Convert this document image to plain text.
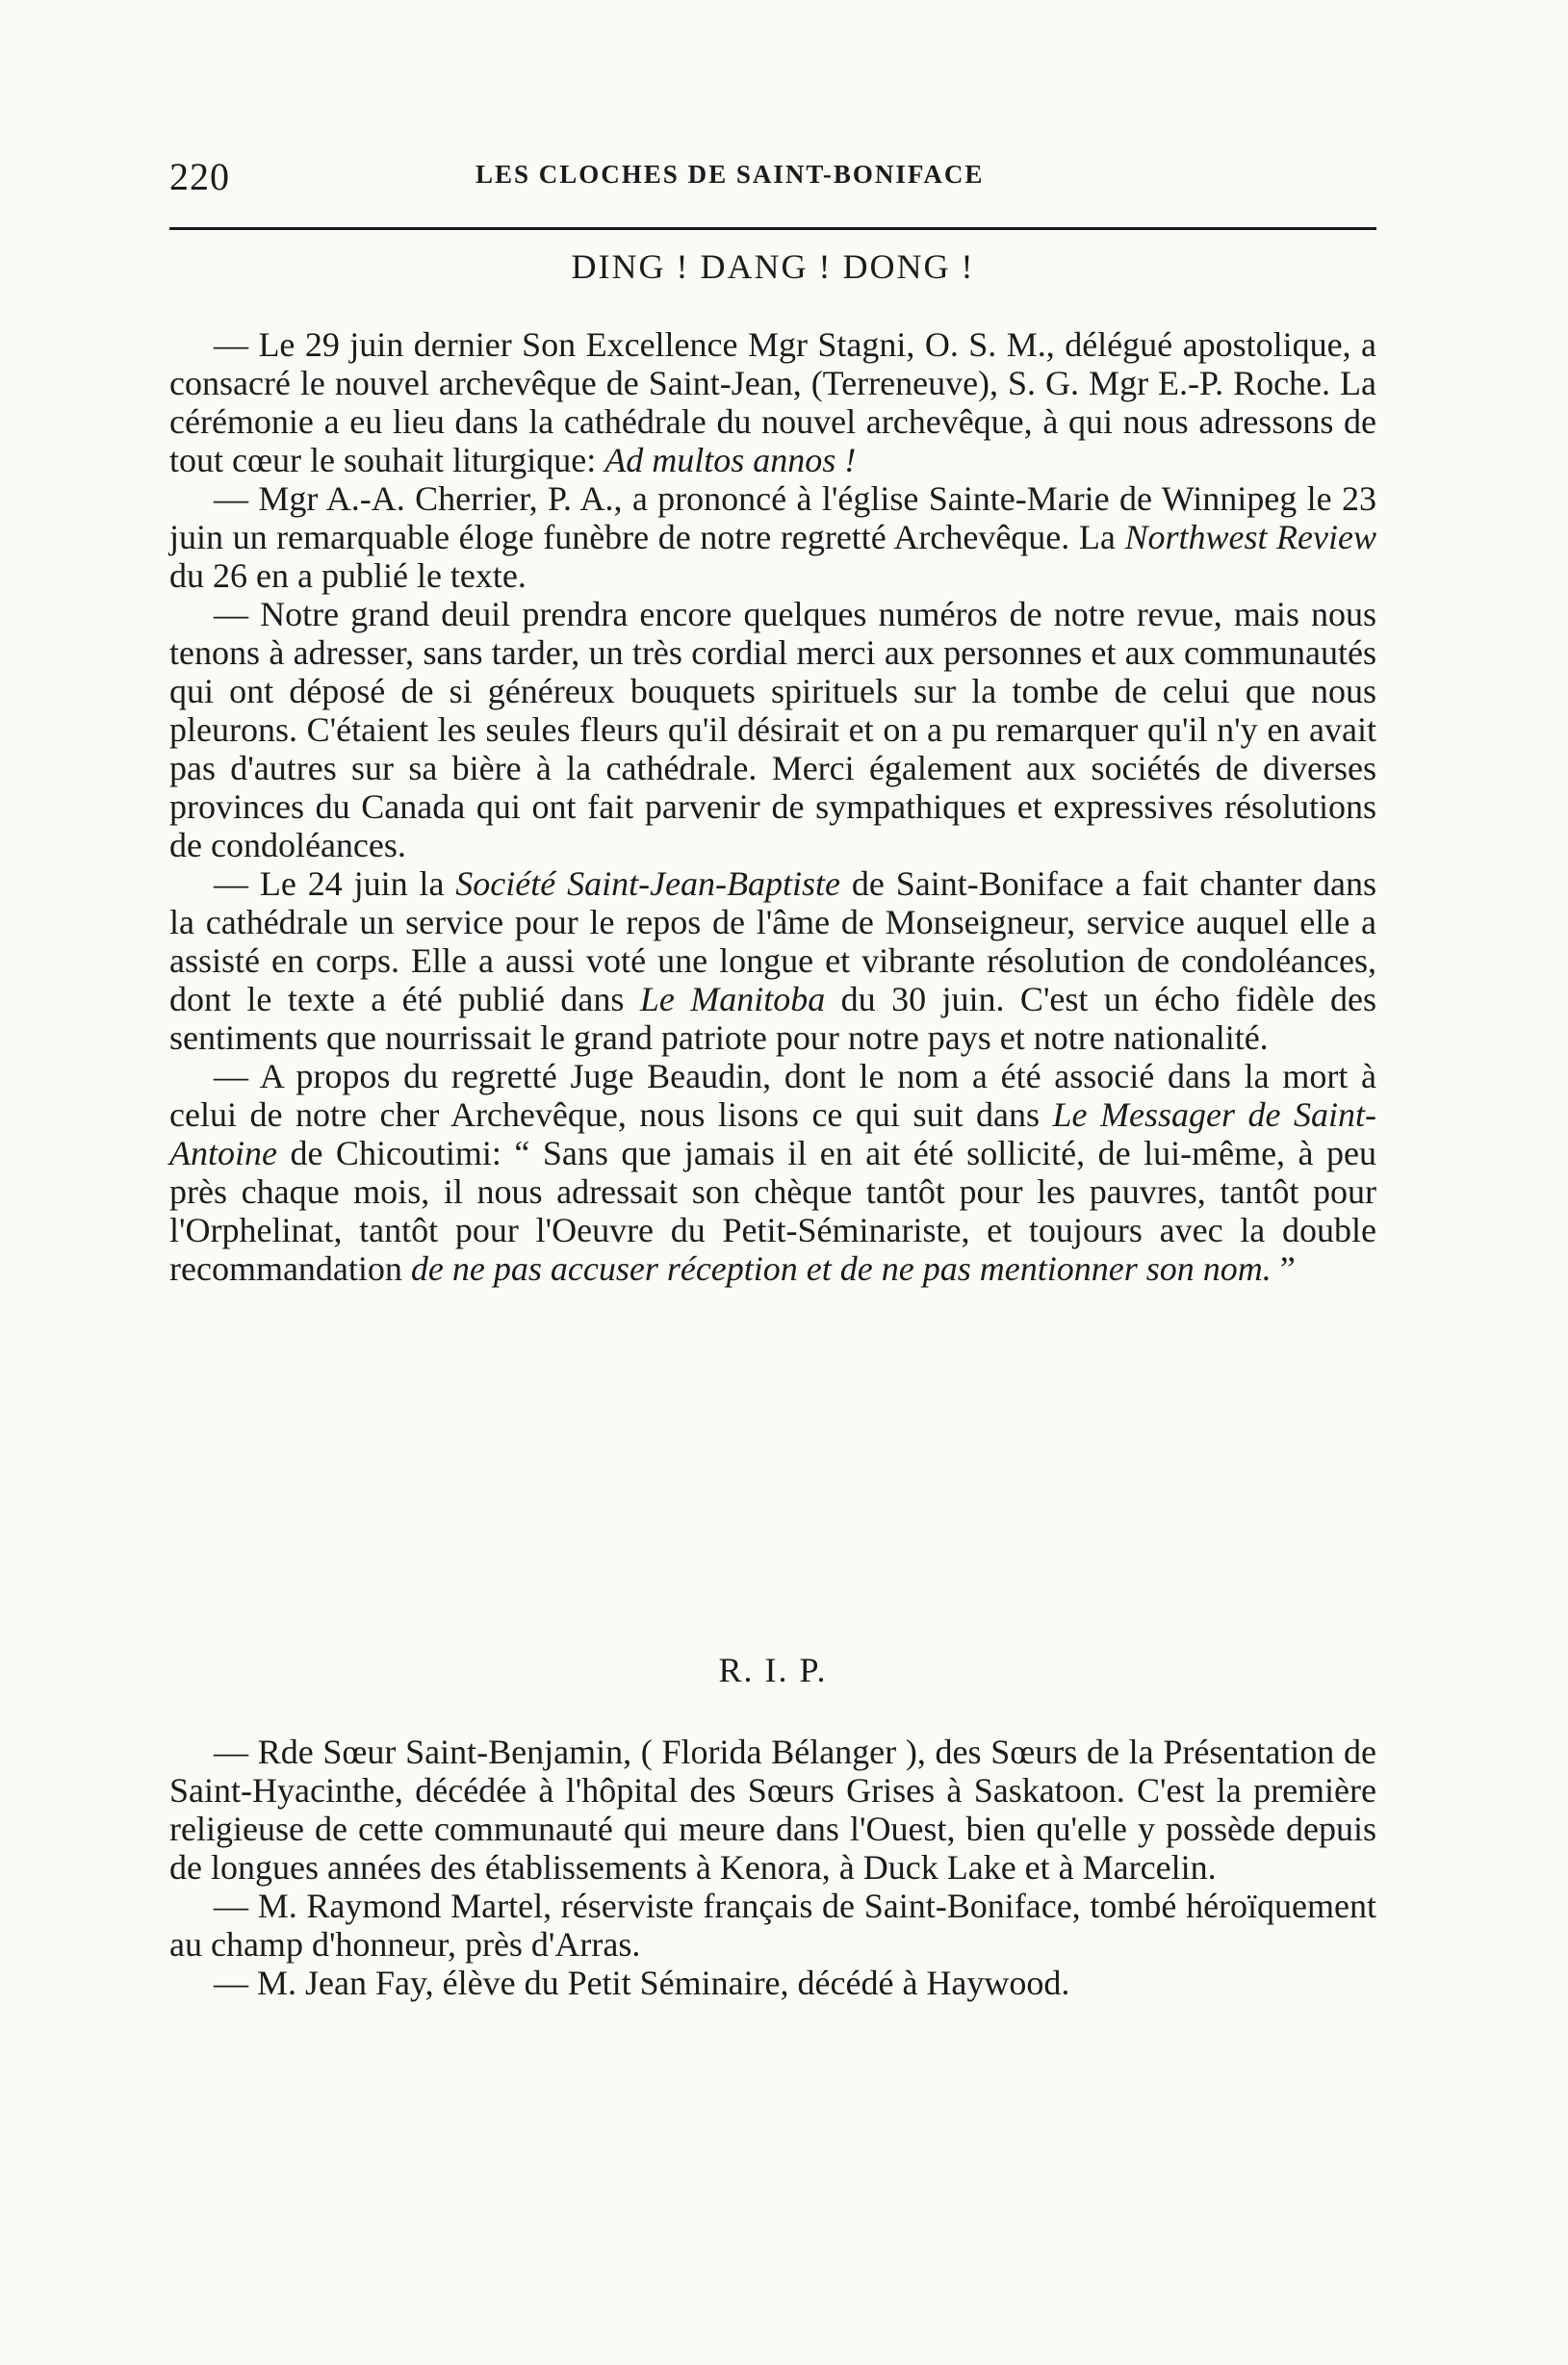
220	LES CLOCHES DE SAINT-BONIFACE
DING ! DANG ! DONG !

— Le 29 juin dernier Son Excellence Mgr Stagni, O. S. M., délégué apostolique, a consacré le nouvel archevêque de Saint-Jean, (Terreneuve), S. G. Mgr E.-P. Roche. La cérémonie a eu lieu dans la cathédrale du nouvel archevêque, à qui nous adressons de tout cœur le souhait liturgique: Ad multos annos !

— Mgr A.-A. Cherrier, P. A., a prononcé à l'église Sainte-Marie de Winnipeg le 23 juin un remarquable éloge funèbre de notre regretté Archevêque. La Northwest Review du 26 en a publié le texte.

— Notre grand deuil prendra encore quelques numéros de notre revue, mais nous tenons à adresser, sans tarder, un très cordial merci aux personnes et aux communautés qui ont déposé de si généreux bouquets spirituels sur la tombe de celui que nous pleurons. C'étaient les seules fleurs qu'il désirait et on a pu remarquer qu'il n'y en avait pas d'autres sur sa bière à la cathédrale. Merci également aux sociétés de diverses provinces du Canada qui ont fait parvenir de sympathiques et expressives résolutions de condoléances.

— Le 24 juin la Société Saint-Jean-Baptiste de Saint-Boniface a fait chanter dans la cathédrale un service pour le repos de l'âme de Monseigneur, service auquel elle a assisté en corps. Elle a aussi voté une longue et vibrante résolution de condoléances, dont le texte a été publié dans Le Manitoba du 30 juin. C'est un écho fidèle des sentiments que nourrissait le grand patriote pour notre pays et notre nationalité.

— A propos du regretté Juge Beaudin, dont le nom a été associé dans la mort à celui de notre cher Archevêque, nous lisons ce qui suit dans Le Messager de Saint-Antoine de Chicoutimi: “ Sans que jamais il en ait été sollicité, de lui-même, à peu près chaque mois, il nous adressait son chèque tantôt pour les pauvres, tantôt pour l'Orphelinat, tantôt pour l'Oeuvre du Petit-Séminariste, et toujours avec la double recommandation de ne pas accuser réception et de ne pas mentionner son nom. ”

R. I. P.

— Rde Sœur Saint-Benjamin, ( Florida Bélanger ), des Sœurs de la Présentation de Saint-Hyacinthe, décédée à l'hôpital des Sœurs Grises à Saskatoon. C'est la première religieuse de cette communauté qui meure dans l'Ouest, bien qu'elle y possède depuis de longues années des établissements à Kenora, à Duck Lake et à Marcelin.

— M. Raymond Martel, réserviste français de Saint-Boniface, tombé héroïquement au champ d'honneur, près d'Arras.

— M. Jean Fay, élève du Petit Séminaire, décédé à Haywood.
